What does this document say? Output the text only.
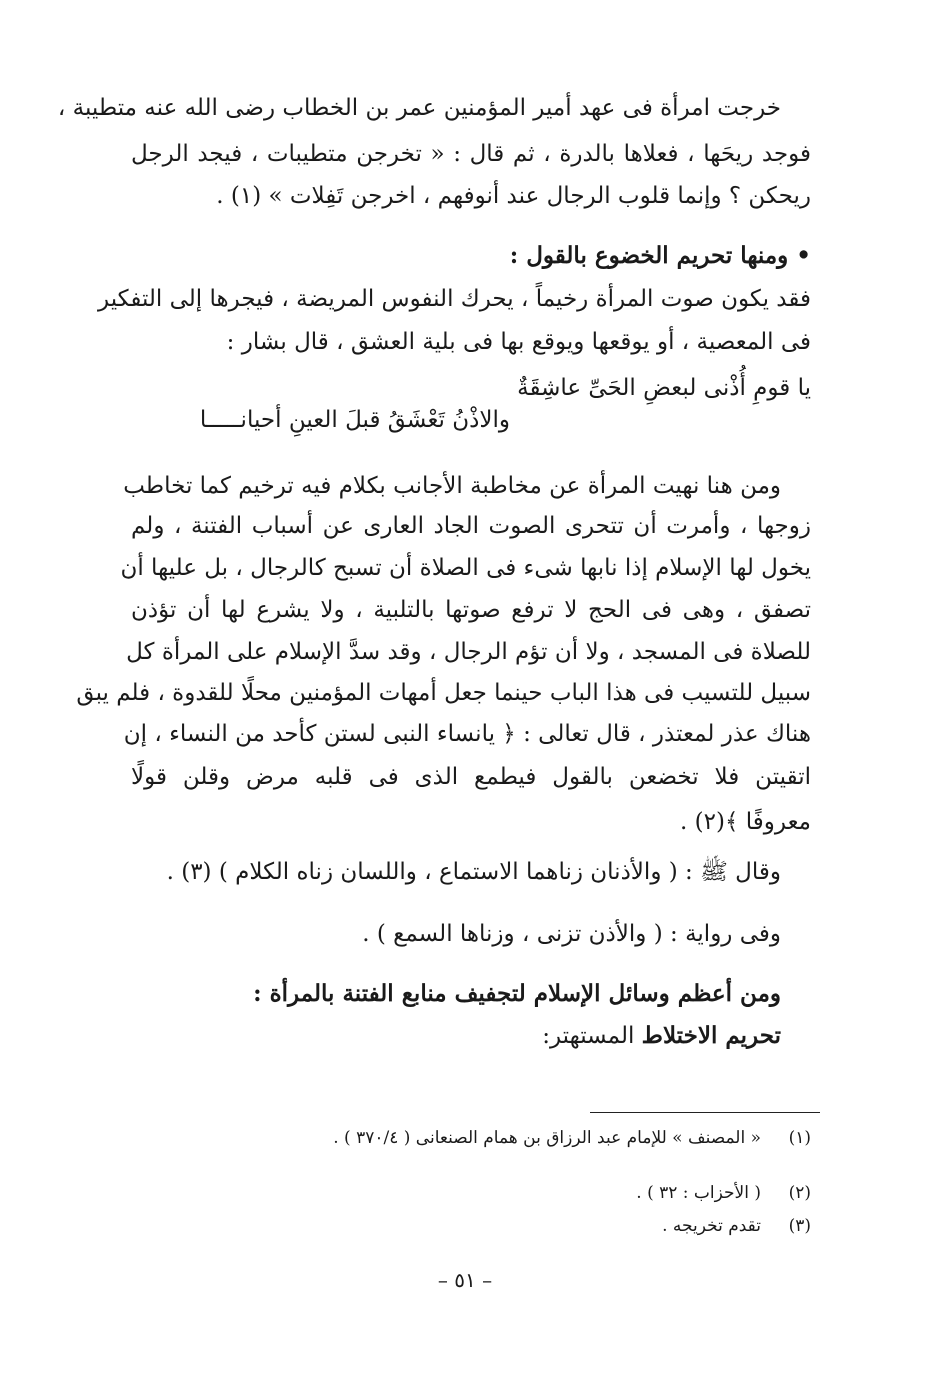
خرجت امرأة فى عهد أمير المؤمنين عمر بن الخطاب رضى الله عنه متطيبة ،
فوجد ريحَها ، فعلاها بالدرة ، ثم قال : « تخرجن متطيبات ، فيجد الرجل
ريحكن ؟ وإنما قلوب الرجال عند أنوفهم ، اخرجن تَفِلات » (١) .
• ومنها تحريم الخضوع بالقول :
فقد يكون صوت المرأة رخيماً ، يحرك النفوس المريضة ، فيجرها إلى التفكير
فى المعصية ، أو يوقعها ويوقع بها فى بلية العشق ، قال بشار :
يا قومِ أُذْنى لبعضِ الحَىِّ عاشِقَةٌ
والاذْنُ تَعْشَقُ قبلَ العينِ أحيانـــــا
ومن هنا نهيت المرأة عن مخاطبة الأجانب بكلام فيه ترخيم كما تخاطب
زوجها ، وأمرت أن تتحرى الصوت الجاد العارى عن أسباب الفتنة ، ولم
يخول لها الإسلام إذا نابها شىء فى الصلاة أن تسبح كالرجال ، بل عليها أن
تصفق ، وهى فى الحج لا ترفع صوتها بالتلبية ، ولا يشرع لها أن تؤذن
للصلاة فى المسجد ، ولا أن تؤم الرجال ، وقد سدَّ الإسلام على المرأة كل
سبيل للتسيب فى هذا الباب حينما جعل أمهات المؤمنين محلًا للقدوة ، فلم يبق
هناك عذر لمعتذر ، قال تعالى : ﴿ يانساء النبى لستن كأحد من النساء ، إن
اتقيتن فلا تخضعن بالقول فيطمع الذى فى قلبه مرض وقلن قولًا
معروفًا ﴾(٢) .
وقال ﷺ : ( والأذنان زناهما الاستماع ، واللسان زناه الكلام ) (٣) .
وفى رواية : ( والأذن تزنى ، وزناها السمع ) .
ومن أعظم وسائل الإسلام لتجفيف منابع الفتنة بالمرأة :
تحريم الاختلاط المستهتر:
(١)« المصنف » للإمام عبد الرزاق بن همام الصنعانى ( ٣٧٠/٤ ) .
(٢)( الأحزاب : ٣٢ ) .
(٣)تقدم تخريجه .
– ٥١ –
